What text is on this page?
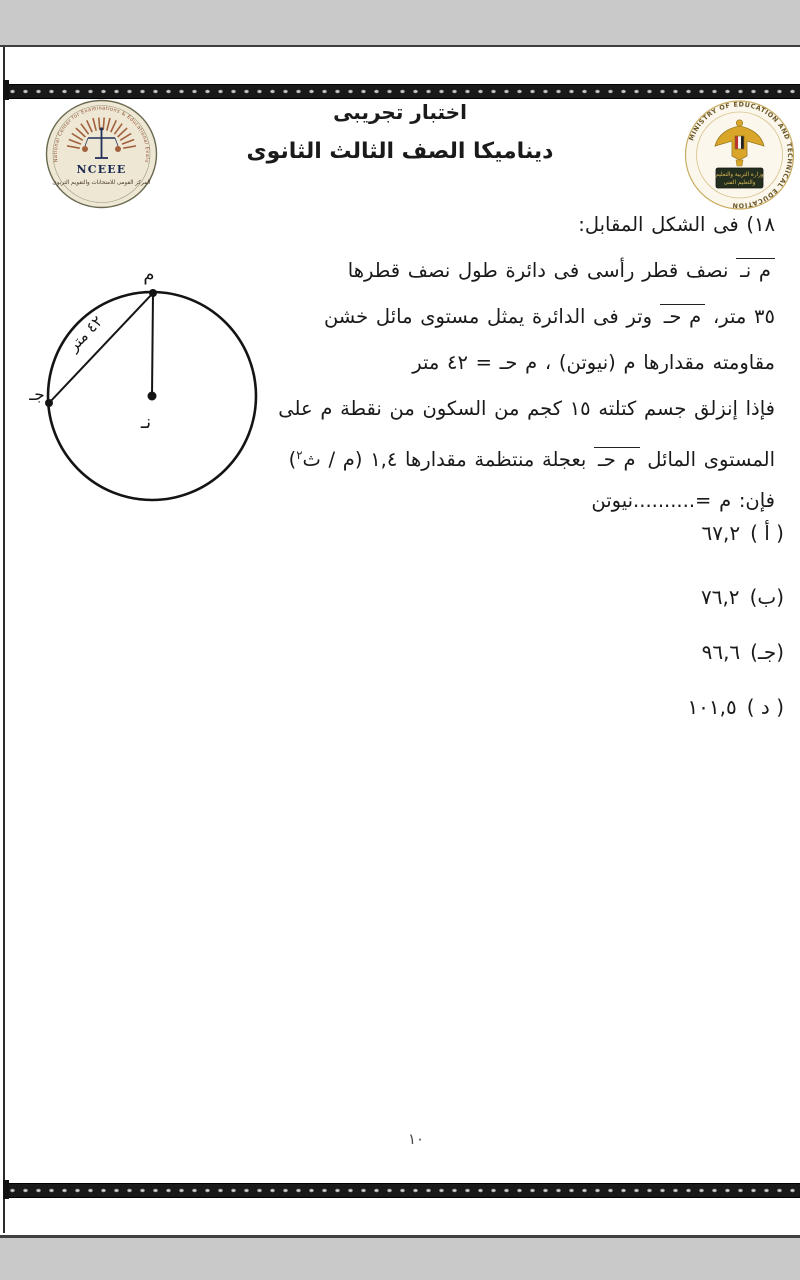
National Center for Examinations & Educational Evalu
NCEEE
المركز القومى للامتحانات والتقويم التربوى
MINISTRY OF EDUCATION AND TECHNICAL EDUCATION
وزارة التربية والتعليم
والتعليم الفنى
اختبار تجريبى
ديناميكا الصف الثالث الثانوى
١٨) فى الشكل المقابل:
م نـ نصف قطر رأسى فى دائرة طول نصف قطرها
٣٥ متر، م حـ وتر فى الدائرة يمثل مستوى مائل خشن
مقاومته مقدارها م (نيوتن) ، م حـ = ٤٢ متر
فإذا إنزلق جسم كتلته ١٥ كجم من السكون من نقطة م على
المستوى المائل م حـ بعجلة منتظمة مقدارها ١,٤ (م / ث$^٢$)
فإن: م =..........نيوتن
( أ )٦٧,٢
(ب)٧٦,٢
(جـ)٩٦,٦
( د )١٠١,٥
م
نـ
جـ
٤٢ متر
١٠
